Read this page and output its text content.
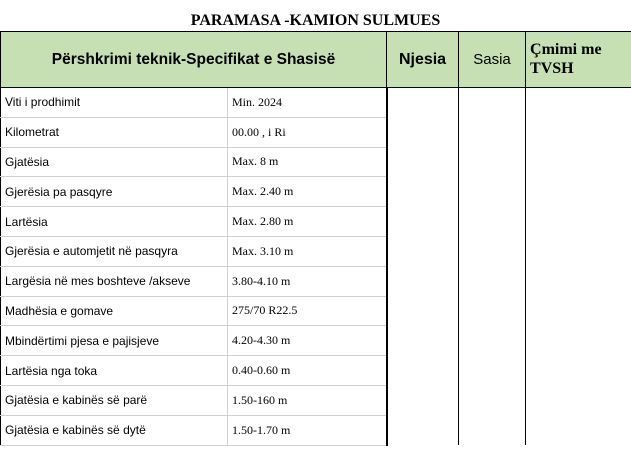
PARAMASA -KAMION SULMUES
Përshkrimi teknik-Specifikat e Shasisë		Njesia	Sasia	Çmimi me TVSH
Viti i prodhimit	Min. 2024			
Kilometrat	00.00 , i Ri			
Gjatësia	Max. 8 m			
Gjerësia pa pasqyre	Max. 2.40 m			
Lartësia	Max. 2.80 m			
Gjerësia e automjetit në pasqyra	Max. 3.10 m			
Largësia në mes boshteve /akseve	3.80-4.10 m			
Madhësia e gomave	275/70 R22.5			
Mbindërtimi pjesa e pajisjeve	4.20-4.30 m			
Lartësia nga toka	0.40-0.60 m			
Gjatësia e kabinës së parë	1.50-160 m			
Gjatësia e kabinës së dytë	1.50-1.70 m			
